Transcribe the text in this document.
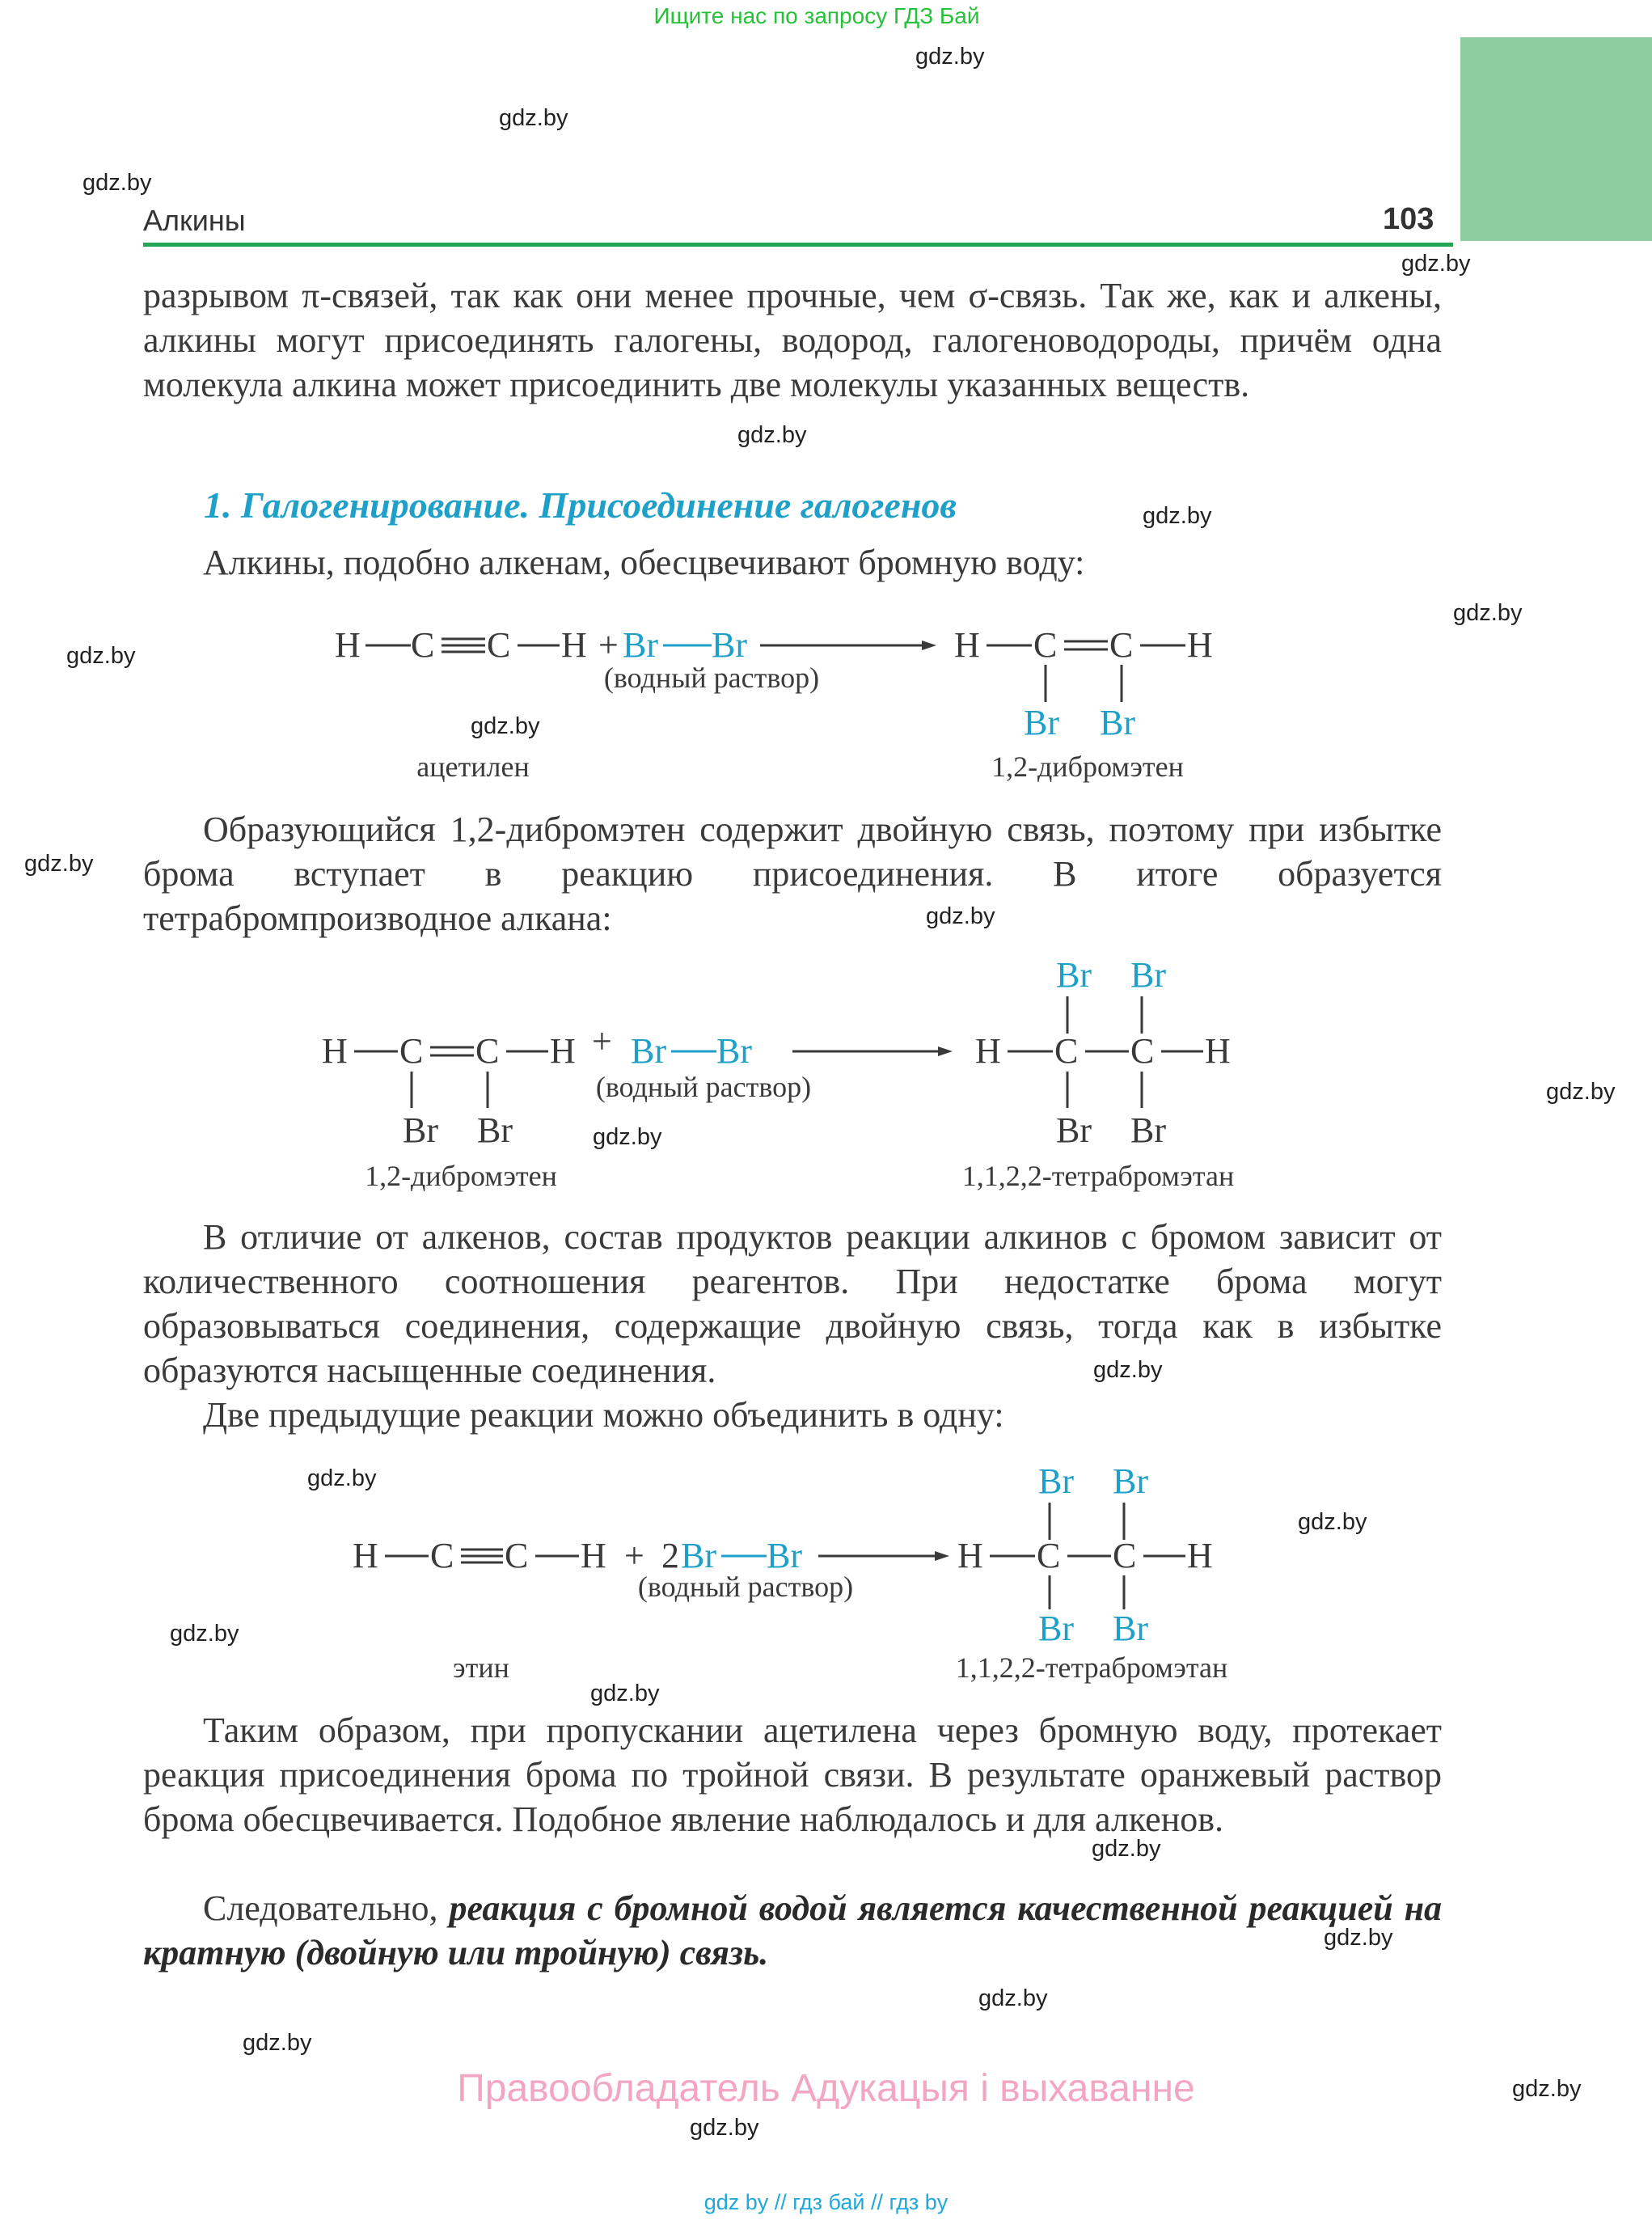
Ищите нас по запросу ГДЗ Бай
Алкины	103
разрывом π-связей, так как они менее прочные, чем σ-связь. Так же, как и алкены, алкины могут присоединять галогены, водород, галогеноводороды, причём одна молекула алкина может присоединить две молекулы указанных веществ.
1. Галогенирование. Присоединение галогенов
Алкины, подобно алкенам, обесцвечивают бромную воду:
H C C H + Br Br
(водный раствор)
H C C H
Br Br
ацетилен	1,2-дибромэтен
Образующийся 1,2-дибромэтен содержит двойную связь, поэтому при избытке брома вступает в реакцию присоединения. В итоге образуется тетрабромпроизводное алкана:
H C C H
Br Br
+ Br Br
(водный раствор)
Br Br
H C C H
Br Br
1,2-дибромэтен	1,1,2,2-тетрабромэтан
В отличие от алкенов, состав продуктов реакции алкинов с бромом зависит от количественного соотношения реагентов. При недостатке брома могут образовываться соединения, содержащие двойную связь, тогда как в избытке образуются насыщенные соединения.
Две предыдущие реакции можно объединить в одну:
H C C H + 2 Br Br
(водный раствор)
Br Br
H C C H
Br Br
этин	1,1,2,2-тетрабромэтан
Таким образом, при пропускании ацетилена через бромную воду, протекает реакция присоединения брома по тройной связи. В результате оранжевый раствор брома обесцвечивается. Подобное явление наблюдалось и для алкенов.
Следовательно, реакция с бромной водой является качественной реакцией на кратную (двойную или тройную) связь.
Правообладатель Адукацыя і выхаванне
gdz by // гдз бай // гдз by
gdz.by
gdz.by
gdz.by
gdz.by
gdz.by
gdz.by
gdz.by
gdz.by
gdz.by
gdz.by
gdz.by
gdz.by
gdz.by
gdz.by
gdz.by
gdz.by
gdz.by
gdz.by
gdz.by
gdz.by
gdz.by
gdz.by
gdz.by
gdz.by
